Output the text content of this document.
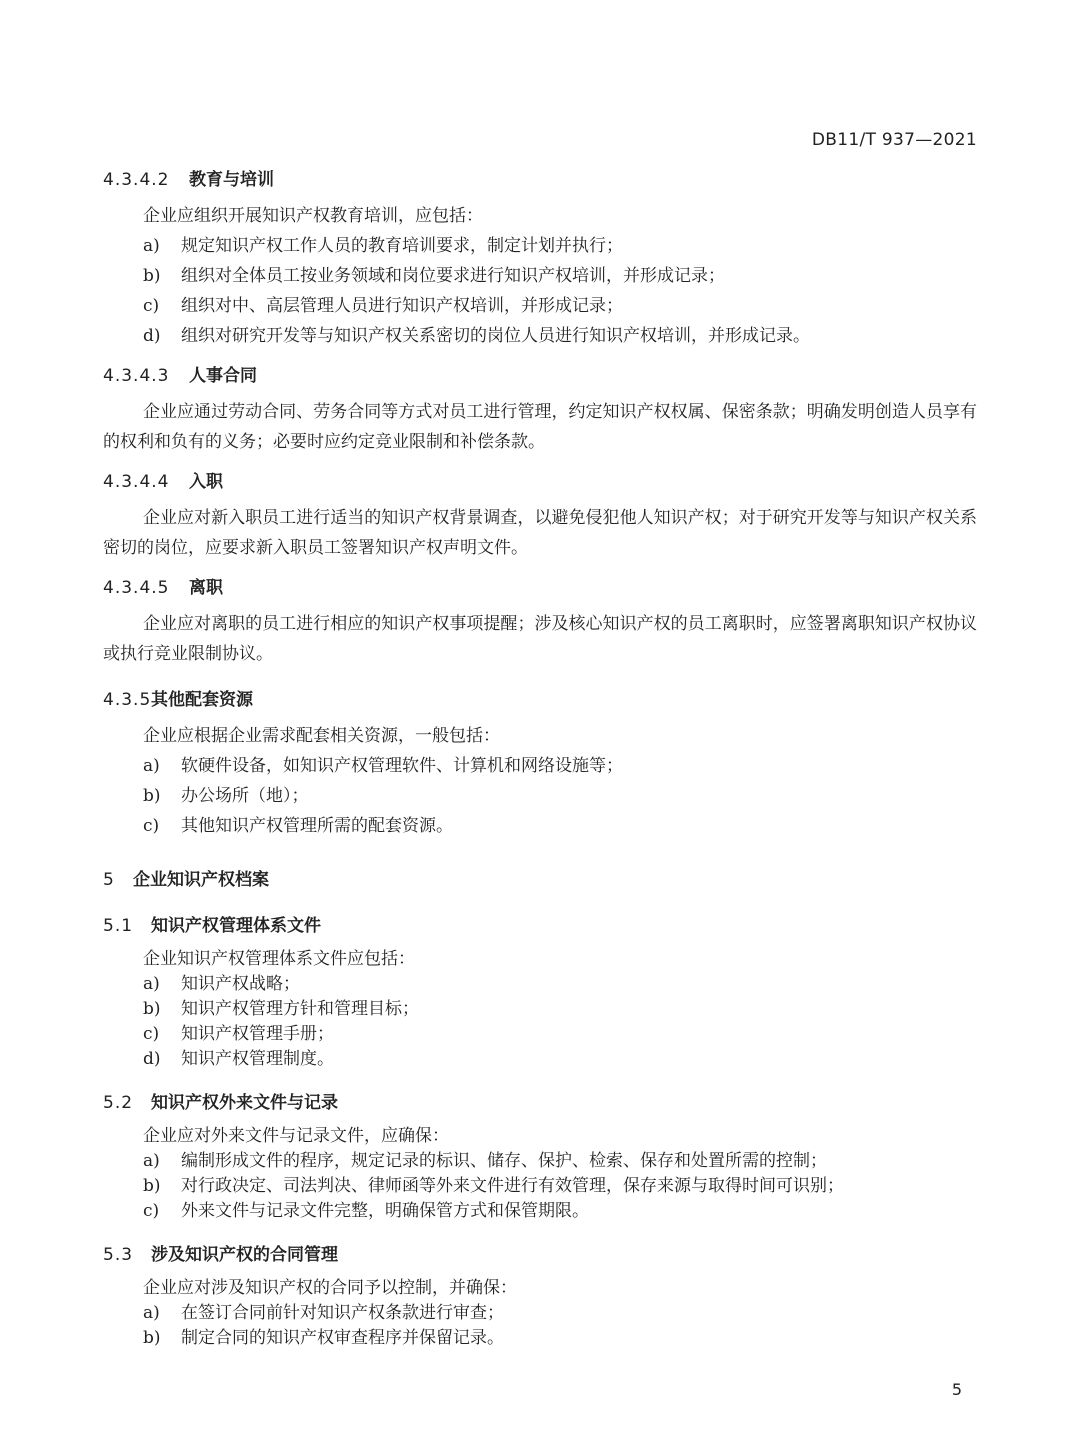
DB11/T 937—2021
4.3.4.2	教育与培训
企业应组织开展知识产权教育培训，应包括：
a)	规定知识产权工作人员的教育培训要求，制定计划并执行；
b)	组织对全体员工按业务领域和岗位要求进行知识产权培训，并形成记录；
c)	组织对中、高层管理人员进行知识产权培训，并形成记录；
d)	组织对研究开发等与知识产权关系密切的岗位人员进行知识产权培训，并形成记录。
4.3.4.3	人事合同
企业应通过劳动合同、劳务合同等方式对员工进行管理，约定知识产权权属、保密条款；明确发明创造人员享有的权利和负有的义务；必要时应约定竞业限制和补偿条款。
4.3.4.4	入职
企业应对新入职员工进行适当的知识产权背景调查，以避免侵犯他人知识产权；对于研究开发等与知识产权关系密切的岗位，应要求新入职员工签署知识产权声明文件。
4.3.4.5	离职
企业应对离职的员工进行相应的知识产权事项提醒；涉及核心知识产权的员工离职时，应签署离职知识产权协议或执行竞业限制协议。
4.3.5 其他配套资源
企业应根据企业需求配套相关资源，一般包括：
a)	软硬件设备，如知识产权管理软件、计算机和网络设施等；
b)	办公场所（地）；
c)	其他知识产权管理所需的配套资源。
5	企业知识产权档案
5.1	知识产权管理体系文件
企业知识产权管理体系文件应包括：
a)	知识产权战略；
b)	知识产权管理方针和管理目标；
c)	知识产权管理手册；
d)	知识产权管理制度。
5.2	知识产权外来文件与记录
企业应对外来文件与记录文件，应确保：
a)	编制形成文件的程序，规定记录的标识、储存、保护、检索、保存和处置所需的控制；
b)	对行政决定、司法判决、律师函等外来文件进行有效管理，保存来源与取得时间可识别；
c)	外来文件与记录文件完整，明确保管方式和保管期限。
5.3	涉及知识产权的合同管理
企业应对涉及知识产权的合同予以控制，并确保：
a)	在签订合同前针对知识产权条款进行审查；
b)	制定合同的知识产权审查程序并保留记录。
5
